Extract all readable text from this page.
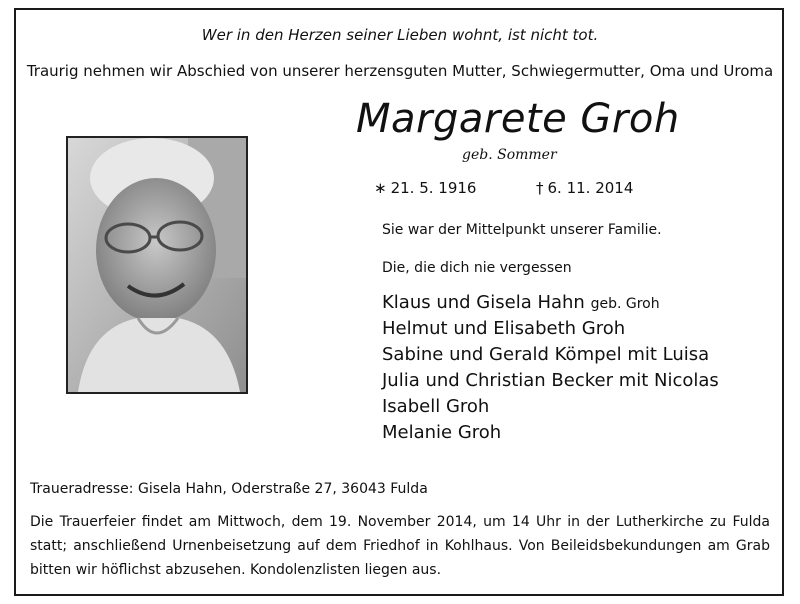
Wer in den Herzen seiner Lieben wohnt, ist nicht tot.
Traurig nehmen wir Abschied von unserer herzensguten Mutter, Schwiegermutter, Oma und Uroma
Margarete Groh
geb. Sommer
∗ 21. 5. 1916	† 6. 11. 2014
Sie war der Mittelpunkt unserer Familie.
Die, die dich nie vergessen
Klaus und Gisela Hahn geb. Groh
Helmut und Elisabeth Groh
Sabine und Gerald Kömpel mit Luisa
Julia und Christian Becker mit Nicolas
Isabell Groh
Melanie Groh
Traueradresse: Gisela Hahn, Oderstraße 27, 36043 Fulda
Die Trauerfeier findet am Mittwoch, dem 19. November 2014, um 14 Uhr in der Lutherkirche zu Fulda statt; anschließend Urnenbeisetzung auf dem Friedhof in Kohlhaus. Von Beileidsbekundungen am Grab bitten wir höflichst abzusehen. Kondolenzlisten liegen aus.
